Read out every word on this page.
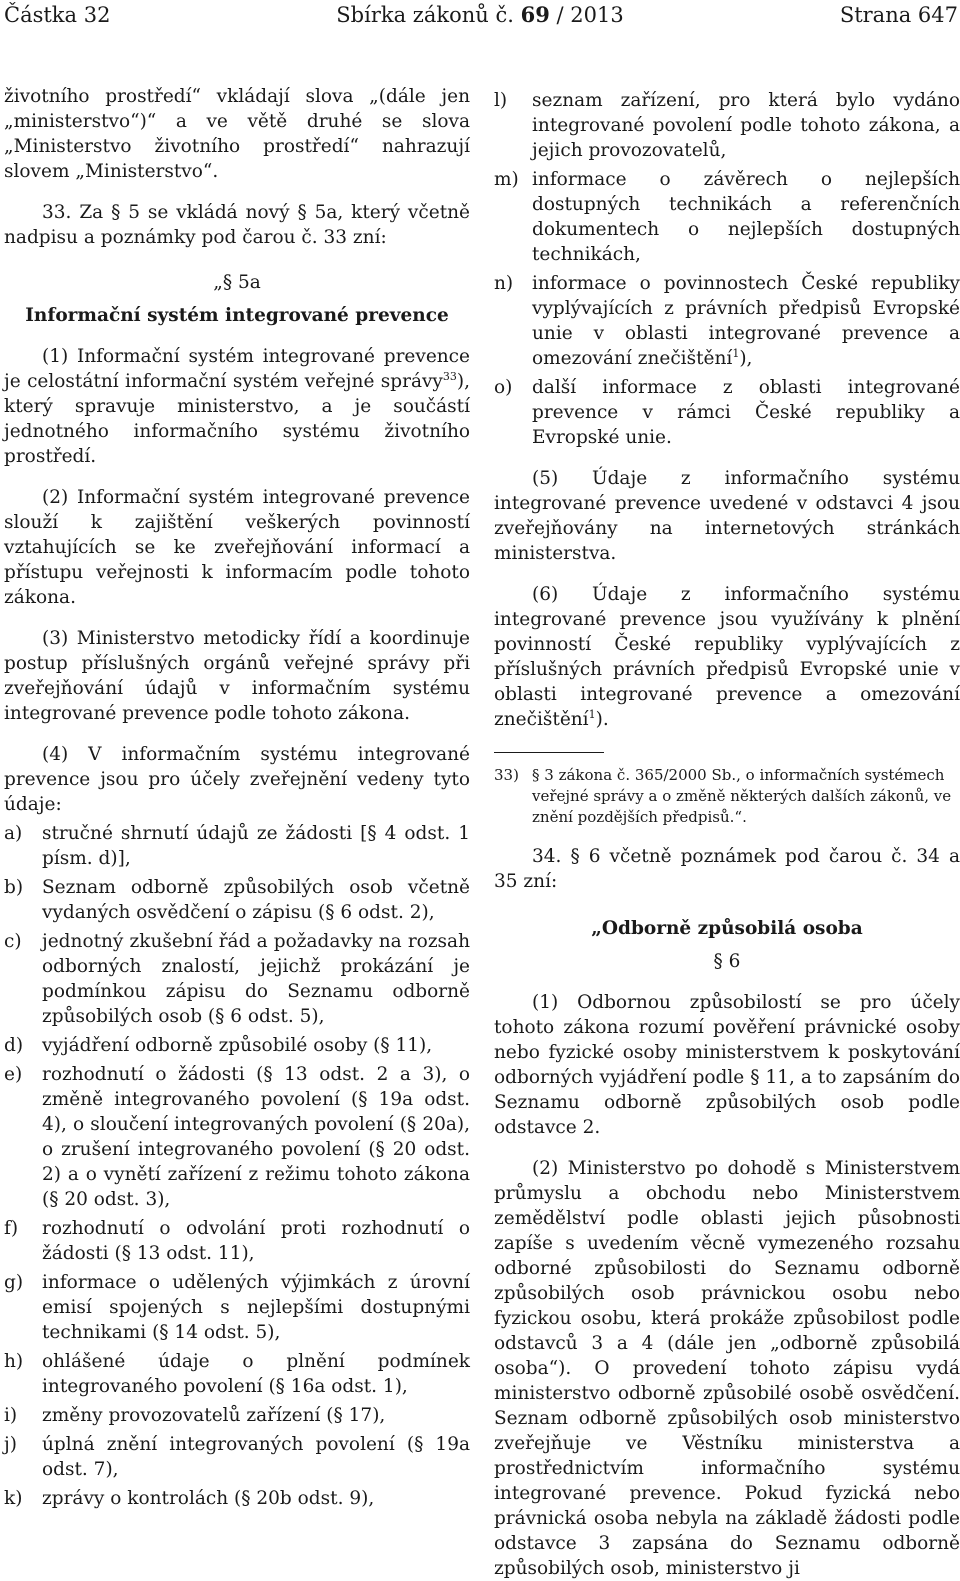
Částka 32	Sbírka zákonů č. 69 / 2013	Strana 647

životního prostředí“ vkládají slova „(dále jen „ministerstvo“)“ a ve větě druhé se slova „Ministerstvo životního prostředí“ nahrazují slovem „Ministerstvo“.

33. Za § 5 se vkládá nový § 5a, který včetně nadpisu a poznámky pod čarou č. 33 zní:

„§ 5a

Informační systém integrované prevence

(1) Informační systém integrované prevence je celostátní informační systém veřejné správy$^{33}$), který spravuje ministerstvo, a je součástí jednotného informačního systému životního prostředí.

(2) Informační systém integrované prevence slouží k zajištění veškerých povinností vztahujících se ke zveřejňování informací a přístupu veřejnosti k informacím podle tohoto zákona.

(3) Ministerstvo metodicky řídí a koordinuje postup příslušných orgánů veřejné správy při zveřejňování údajů v informačním systému integrované prevence podle tohoto zákona.

(4) V informačním systému integrované prevence jsou pro účely zveřejnění vedeny tyto údaje:

a)	stručné shrnutí údajů ze žádosti [§ 4 odst. 1 písm. d)],
b)	Seznam odborně způsobilých osob včetně vydaných osvědčení o zápisu (§ 6 odst. 2),
c)	jednotný zkušební řád a požadavky na rozsah odborných znalostí, jejichž prokázání je podmínkou zápisu do Seznamu odborně způsobilých osob (§ 6 odst. 5),
d)	vyjádření odborně způsobilé osoby (§ 11),
e)	rozhodnutí o žádosti (§ 13 odst. 2 a 3), o změně integrovaného povolení (§ 19a odst. 4), o sloučení integrovaných povolení (§ 20a), o zrušení integrovaného povolení (§ 20 odst. 2) a o vynětí zařízení z režimu tohoto zákona (§ 20 odst. 3),
f)	rozhodnutí o odvolání proti rozhodnutí o žádosti (§ 13 odst. 11),
g)	informace o udělených výjimkách z úrovní emisí spojených s nejlepšími dostupnými technikami (§ 14 odst. 5),
h)	ohlášené údaje o plnění podmínek integrovaného povolení (§ 16a odst. 1),
i)	změny provozovatelů zařízení (§ 17),
j)	úplná znění integrovaných povolení (§ 19a odst. 7),
k)	zprávy o kontrolách (§ 20b odst. 9),
l)	seznam zařízení, pro která bylo vydáno integrované povolení podle tohoto zákona, a jejich provozovatelů,
m) informace o závěrech o nejlepších dostupných technikách a referenčních dokumentech o nejlepších dostupných technikách,
n)	informace o povinnostech České republiky vyplývajících z právních předpisů Evropské unie v oblasti integrované prevence a omezování znečištění$^1$),
o)	další informace z oblasti integrované prevence v rámci České republiky a Evropské unie.

(5) Údaje z informačního systému integrované prevence uvedené v odstavci 4 jsou zveřejňovány na internetových stránkách ministerstva.

(6) Údaje z informačního systému integrované prevence jsou využívány k plnění povinností České republiky vyplývajících z příslušných právních předpisů Evropské unie v oblasti integrované prevence a omezování znečištění$^1$).

33) § 3 zákona č. 365/2000 Sb., o informačních systémech veřejné správy a o změně některých dalších zákonů, ve znění pozdějších předpisů.“.

34. § 6 včetně poznámek pod čarou č. 34 a 35 zní:

„Odborně způsobilá osoba

§ 6

(1) Odbornou způsobilostí se pro účely tohoto zákona rozumí pověření právnické osoby nebo fyzické osoby ministerstvem k poskytování odborných vyjádření podle § 11, a to zapsáním do Seznamu odborně způsobilých osob podle odstavce 2.

(2) Ministerstvo po dohodě s Ministerstvem průmyslu a obchodu nebo Ministerstvem zemědělství podle oblasti jejich působnosti zapíše s uvedením věcně vymezeného rozsahu odborné způsobilosti do Seznamu odborně způsobilých osob právnickou osobu nebo fyzickou osobu, která prokáže způsobilost podle odstavců 3 a 4 (dále jen „odborně způsobilá osoba“). O provedení tohoto zápisu vydá ministerstvo odborně způsobilé osobě osvědčení. Seznam odborně způsobilých osob ministerstvo zveřejňuje ve Věstníku ministerstva a prostřednictvím informačního systému integrované prevence. Pokud fyzická nebo právnická osoba nebyla na základě žádosti podle odstavce 3 zapsána do Seznamu odborně způsobilých osob, ministerstvo ji
